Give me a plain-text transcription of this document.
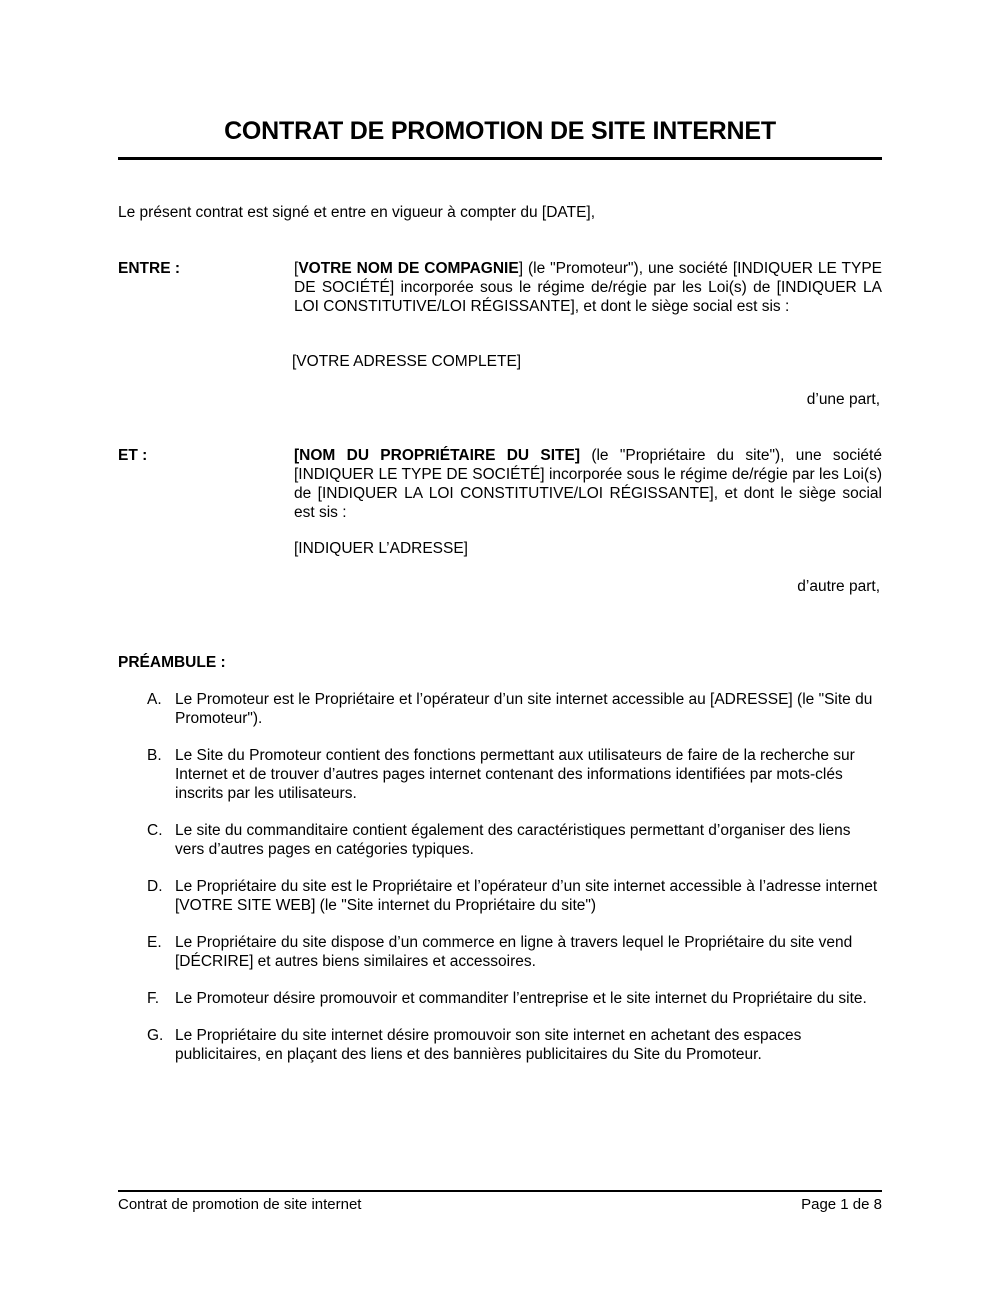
CONTRAT DE PROMOTION DE SITE INTERNET
Le présent contrat est signé et entre en vigueur à compter du [DATE],
ENTRE :	[VOTRE NOM DE COMPAGNIE] (le "Promoteur"), une société [INDIQUER LE TYPE DE SOCIÉTÉ] incorporée sous le régime de/régie par les Loi(s) de [INDIQUER LA LOI CONSTITUTIVE/LOI RÉGISSANTE], et dont le siège social est sis :
[VOTRE ADRESSE COMPLETE]
d’une part,
ET :	[NOM DU PROPRIÉTAIRE DU SITE] (le "Propriétaire du site"), une société [INDIQUER LE TYPE DE SOCIÉTÉ] incorporée sous le régime de/régie par les Loi(s) de [INDIQUER LA LOI CONSTITUTIVE/LOI RÉGISSANTE], et dont le siège social est sis :
[INDIQUER L’ADRESSE]
d’autre part,
PRÉAMBULE :
A. Le Promoteur est le Propriétaire et l’opérateur d’un site internet accessible au [ADRESSE] (le "Site du Promoteur").
B. Le Site du Promoteur contient des fonctions permettant aux utilisateurs de faire de la recherche sur Internet et de trouver d’autres pages internet contenant des informations identifiées par mots-clés inscrits par les utilisateurs.
C. Le site du commanditaire contient également des caractéristiques permettant d’organiser des liens vers d’autres pages en catégories typiques.
D. Le Propriétaire du site est le Propriétaire et l’opérateur d’un site internet accessible à l’adresse internet [VOTRE SITE WEB] (le "Site internet du Propriétaire du site")
E. Le Propriétaire du site dispose d’un commerce en ligne à travers lequel le Propriétaire du site vend [DÉCRIRE] et autres biens similaires et accessoires.
F. Le Promoteur désire promouvoir et commanditer l’entreprise et le site internet du Propriétaire du site.
G. Le Propriétaire du site internet désire promouvoir son site internet en achetant des espaces publicitaires, en plaçant des liens et des bannières publicitaires du Site du Promoteur.
Contrat de promotion de site internet	Page 1 de 8
